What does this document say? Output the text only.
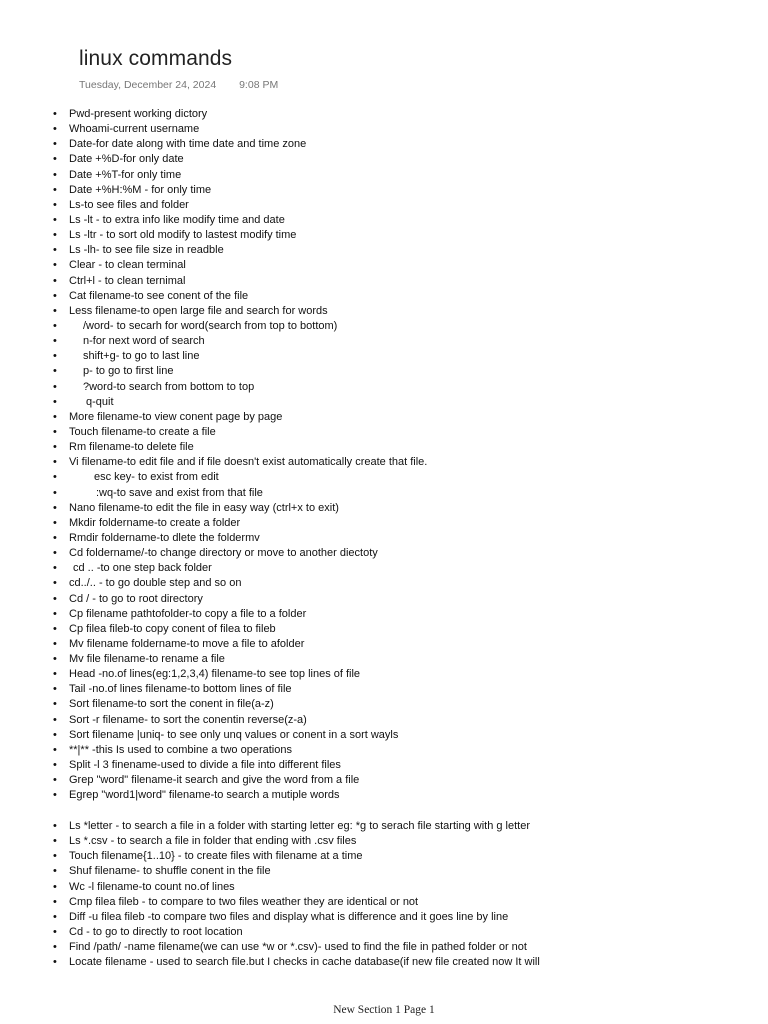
linux commands
Tuesday, December 24, 2024 9:08 PM
• Pwd-present working dictory
• Whoami-current username
• Date-for date along with time date and time zone
• Date +%D-for only date
• Date +%T-for only time
• Date +%H:%M - for only time
• Ls-to see files and folder
• Ls -lt - to extra info like modify time and date
• Ls -ltr - to sort old modify to lastest modify time
• Ls -lh- to see file size in readble
• Clear - to clean terminal
• Ctrl+l - to clean ternimal
• Cat filename-to see conent of the file
• Less filename-to open large file and search for words
• /word- to secarh for word(search from top to bottom)
• n-for next word of search
• shift+g- to go to last line
• p- to go to first line
• ?word-to search from bottom to top
• q-quit
• More filename-to view conent page by page
• Touch filename-to create a file
• Rm filename-to delete file
• Vi filename-to edit file and if file doesn't exist automatically create that file.
• esc key- to exist from edit
• :wq-to save and exist from that file
• Nano filename-to edit the file in easy way (ctrl+x to exit)
• Mkdir foldername-to create a folder
• Rmdir foldername-to dlete the foldermv
• Cd foldername/-to change directory or move to another diectoty
• cd .. -to one step back folder
• cd../.. - to go double step and so on
• Cd / - to go to root directory
• Cp filename pathtofolder-to copy a file to a folder
• Cp filea fileb-to copy conent of filea to fileb
• Mv filename foldername-to move a file to afolder
• Mv file filename-to rename a file
• Head -no.of lines(eg:1,2,3,4) filename-to see top lines of file
• Tail -no.of lines filename-to bottom lines of file
• Sort filename-to sort the conent in file(a-z)
• Sort -r filename- to sort the conentin reverse(z-a)
• Sort filename |uniq- to see only unq values or conent in a sort wayls
• **|** -this Is used to combine a two operations
• Split -l 3 finename-used to divide a file into different files
• Grep "word" filename-it search and give the word from a file
• Egrep "word1|word" filename-to search a mutiple words
• Ls *letter - to search a file in a folder with starting letter eg: *g to serach file starting with g letter
• Ls *.csv - to search a file in folder that ending with .csv files
• Touch filename{1..10} - to create files with filename at a time
• Shuf filename- to shuffle conent in the file
• Wc -l filename-to count no.of lines
• Cmp filea fileb - to compare to two files weather they are identical or not
• Diff -u filea fileb -to compare two files and display what is difference and it goes line by line
• Cd - to go to directly to root location
• Find /path/ -name filename(we can use *w or *.csv)- used to find the file in pathed folder or not
• Locate filename - used to search file.but I checks in cache database(if new file created now It will
New Section 1 Page 1
